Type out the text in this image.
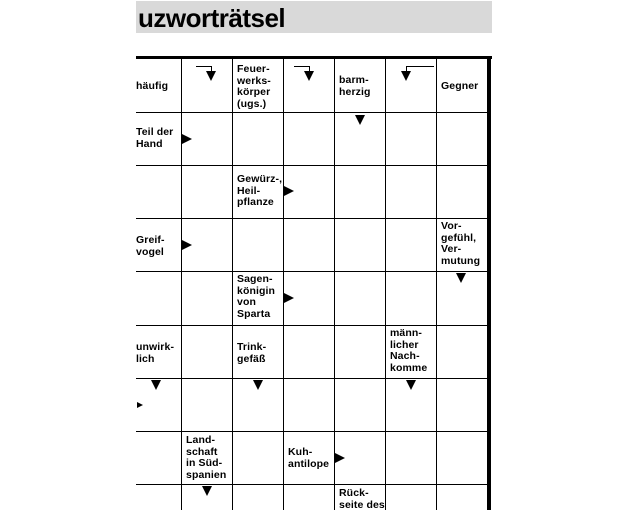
uzworträtsel
häufig
Feuer-
werks-
körper
(ugs.)
barm-
herzig	Gegner
Teil der
Hand
Gewürz-,
Heil-
pflanze
Greif-
vogel
Vor-
gefühl,
Ver-
mutung
Sagen-
königin
von
Sparta
unwirk-
lich
Trink-
gefäß
männ-
licher
Nach-
komme
Land-
schaft
in Süd-
spanien
Kuh-
antilope
Rück-
seite des
